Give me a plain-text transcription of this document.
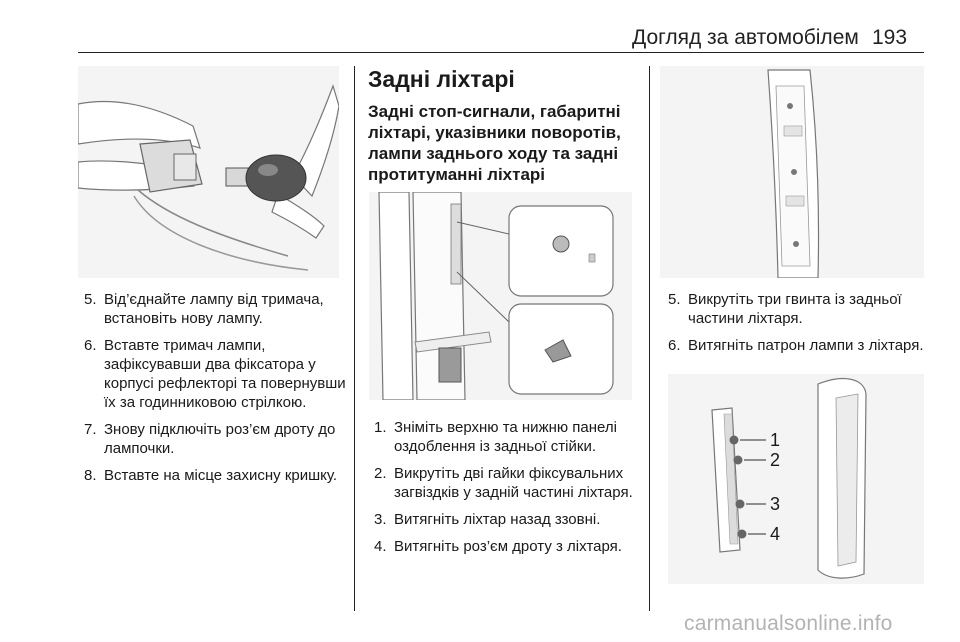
Догляд за автомобілем 193
5. Від’єднайте лампу від тримача, встановіть нову лампу.
6. Вставте тримач лампи, зафіксувавши два фіксатора у корпусі рефлекторі та повернувши їх за годинниковою стрілкою.
7. Знову підключіть роз’єм дроту до лампочки.
8. Вставте на місце захисну кришку.
Задні ліхтарі
Задні стоп-сигнали, габаритні ліхтарі, указівники поворотів, лампи заднього ходу та задні протитуманні ліхтарі
1. Зніміть верхню та нижню панелі оздоблення із задньої стійки.
2. Викрутіть дві гайки фіксувальних загвіздків у задній частині ліхтаря.
3. Витягніть ліхтар назад ззовні.
4. Витягніть роз’єм дроту з ліхтаря.
5. Викрутіть три гвинта із задньої частини ліхтаря.
6. Витягніть патрон лампи з ліхтаря.
1
2
3
4
carmanualsonline.info
